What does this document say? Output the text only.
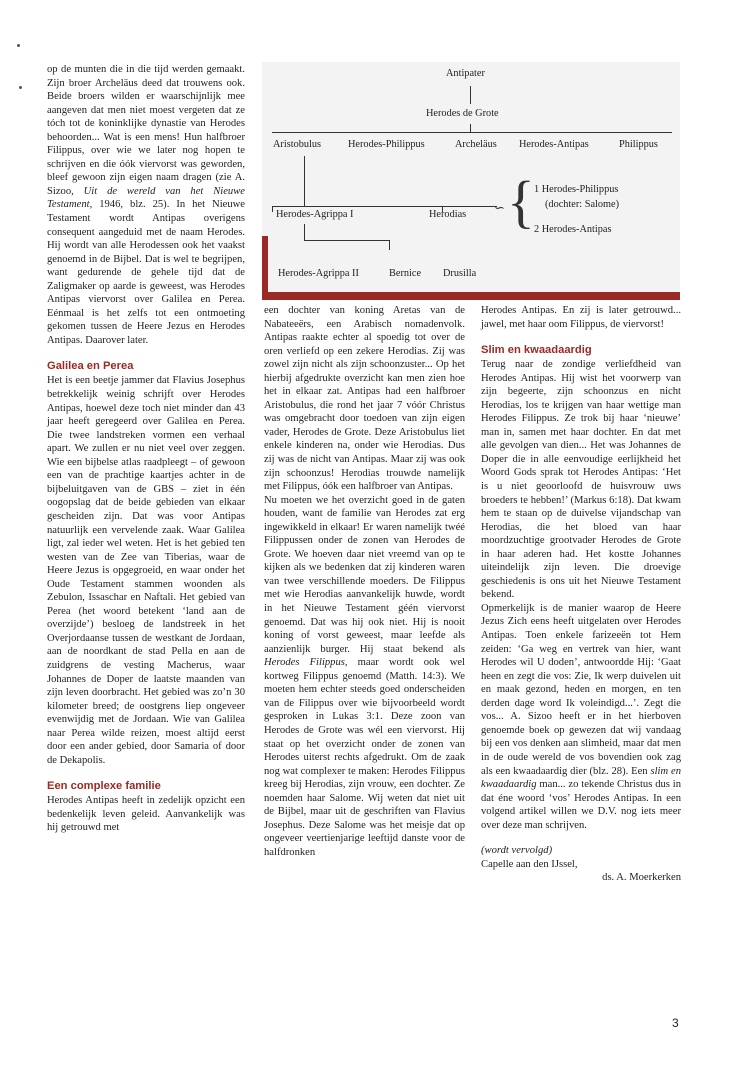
op de munten die in die tijd werden gemaakt. Zijn broer Archeläus deed dat trouwens ook. Beide broers wilden er waarschijnlijk mee aangeven dat men niet moest vergeten dat ze tóch tot de koninklijke dynastie van Herodes behoorden... Wat is een mens! Hun halfbroer Filippus, over wie we later nog hopen te schrijven en die óók viervorst was geworden, bleef gewoon zijn eigen naam dragen (zie A. Sizoo, Uit de wereld van het Nieuwe Testament, 1946, blz. 25). In het Nieuwe Testament wordt Antipas overigens consequent aangeduid met de naam Herodes. Hij wordt van alle Herodessen ook het vaakst genoemd in de Bijbel. Dat is wel te begrijpen, want gedurende de gehele tijd dat de Zaligmaker op aarde is geweest, was Herodes Antipas viervorst over Galilea en Perea. Eénmaal is het zelfs tot een ontmoeting gekomen tussen de Heere Jezus en Herodes Antipas. Daarover later.

Galilea en Perea

Het is een beetje jammer dat Flavius Josephus betrekkelijk weinig schrijft over Herodes Antipas, hoewel deze toch niet minder dan 43 jaar heeft geregeerd over Galilea en Perea. Die twee landstreken vormen een verhaal apart. We zullen er nu niet veel over zeggen. Wie een bijbelse atlas raadpleegt – of gewoon een van de prachtige kaartjes achter in de bijbeluitgaven van de GBS – ziet in één oogopslag dat de beide gebieden van elkaar gescheiden zijn. Dat was voor Antipas natuurlijk een vervelende zaak. Waar Galilea ligt, zal ieder wel weten. Het is het gebied ten westen van de Zee van Tiberias, waar de Heere Jezus is opgegroeid, en waar onder het Oude Testament stammen woonden als Zebulon, Issaschar en Naftali. Het gebied van Perea (het woord betekent ‘land aan de overzijde’) besloeg de landstreek in het Overjordaanse tussen de westkant de Jordaan, aan de noordkant de stad Pella en aan de zuidgrens de vesting Macherus, waar Johannes de Doper de laatste maanden van zijn leven doorbracht. Het gebied was zo’n 30 kilometer breed; de oostgrens liep ongeveer evenwijdig met de Jordaan. Wie van Galilea naar Perea wilde reizen, moest altijd eerst door een ander gebied, door Samaria of door de Dekapolis.

Een complexe familie

Herodes Antipas heeft in zedelijk opzicht een bedenkelijk leven geleid. Aanvankelijk was hij getrouwd met

Antipater
Herodes de Grote
Aristobulus	Herodes-Philippus	Archeläus Herodes-Antipas	Philippus
Herodes-Agrippa I	Herodias ∽ { 1 Herodes-Philippus
(dochter: Salome)
2 Herodes-Antipas
Herodes-Agrippa II	Bernice Drusilla

een dochter van koning Aretas van de Nabateeërs, een Arabisch nomadenvolk. Antipas raakte echter al spoedig tot over de oren verliefd op een zekere Herodias. Zij was zowel zijn nicht als zijn schoonzuster... Op het hierbij afgedrukte overzicht kan men zien hoe het in elkaar zat. Antipas had een halfbroer Aristobulus, die rond het jaar 7 vóór Christus was omgebracht door toedoen van zijn eigen vader, Herodes de Grote. Deze Aristobulus liet enkele kinderen na, onder wie Herodias. Dus zij was de nicht van Antipas. Maar zij was ook zijn schoonzus! Herodias trouwde namelijk met Filippus, óók een halfbroer van Antipas.

Nu moeten we het overzicht goed in de gaten houden, want de familie van Herodes zat erg ingewikkeld in elkaar! Er waren namelijk twéé Filippussen onder de zonen van Herodes de Grote. We hoeven daar niet vreemd van op te kijken als we bedenken dat zij kinderen waren van twee verschillende moeders. De Filippus met wie Herodias aanvankelijk huwde, wordt in het Nieuwe Testament géén viervorst genoemd. Dat was hij ook niet. Hij is nooit koning of vorst geweest, maar leefde als aanzienlijk burger. Hij staat bekend als Herodes Filippus, maar wordt ook wel kortweg Filippus genoemd (Matth. 14:3). We moeten hem echter steeds goed onderscheiden van de Filippus over wie bijvoorbeeld wordt gesproken in Lukas 3:1. Deze zoon van Herodes de Grote was wél een viervorst. Hij staat op het overzicht onder de zonen van Herodes uiterst rechts afgedrukt. Om de zaak nog wat complexer te maken: Herodes Filippus kreeg bij Herodias, zijn vrouw, een dochter. Ze noemden haar Salome. Wij weten dat niet uit de Bijbel, maar uit de geschriften van Flavius Josephus. Deze Salome was het meisje dat op ongeveer veertienjarige leeftijd danste voor de halfdronken

Herodes Antipas. En zij is later getrouwd... jawel, met haar oom Filippus, de viervorst!

Slim en kwaadaardig

Terug naar de zondige verliefdheid van Herodes Antipas. Hij wist het voorwerp van zijn begeerte, zijn schoonzus en nicht Herodias, los te krijgen van haar wettige man Herodes Filippus. Ze trok bij haar ‘nieuwe’ man in, samen met haar dochter. En dat met alle gevolgen van dien... Het was Johannes de Doper die in alle eenvoudige eerlijkheid het Woord Gods sprak tot Herodes Antipas: ‘Het is u niet geoorloofd de huisvrouw uws broeders te hebben!’ (Markus 6:18). Dat kwam hem te staan op de duivelse vijandschap van Herodias, die het bloed van haar moordzuchtige grootvader Herodes de Grote in haar aderen had. Het kostte Johannes uiteindelijk zijn leven. Die droevige geschiedenis is ons uit het Nieuwe Testament bekend.

Opmerkelijk is de manier waarop de Heere Jezus Zich eens heeft uitgelaten over Herodes Antipas. Toen enkele farizeeën tot Hem zeiden: ‘Ga weg en vertrek van hier, want Herodes wil U doden’, antwoordde Hij: ‘Gaat heen en zegt die vos: Zie, Ik werp duivelen uit en maak gezond, heden en morgen, en ten derden dage word Ik voleindigd...’. Zegt die vos... A. Sizoo heeft er in het hierboven genoemde boek op gewezen dat wij vandaag bij een vos denken aan slimheid, maar dat men in de oude wereld de vos bovendien ook zag als een kwaadaardig dier (blz. 28). Een slim en kwaadaardig man... zo tekende Christus dus in dat éne woord ‘vos’ Herodes Antipas. In een volgend artikel willen we D.V. nog iets meer over deze man schrijven.

(wordt vervolgd)

Capelle aan den IJssel,

ds. A. Moerkerken

3
